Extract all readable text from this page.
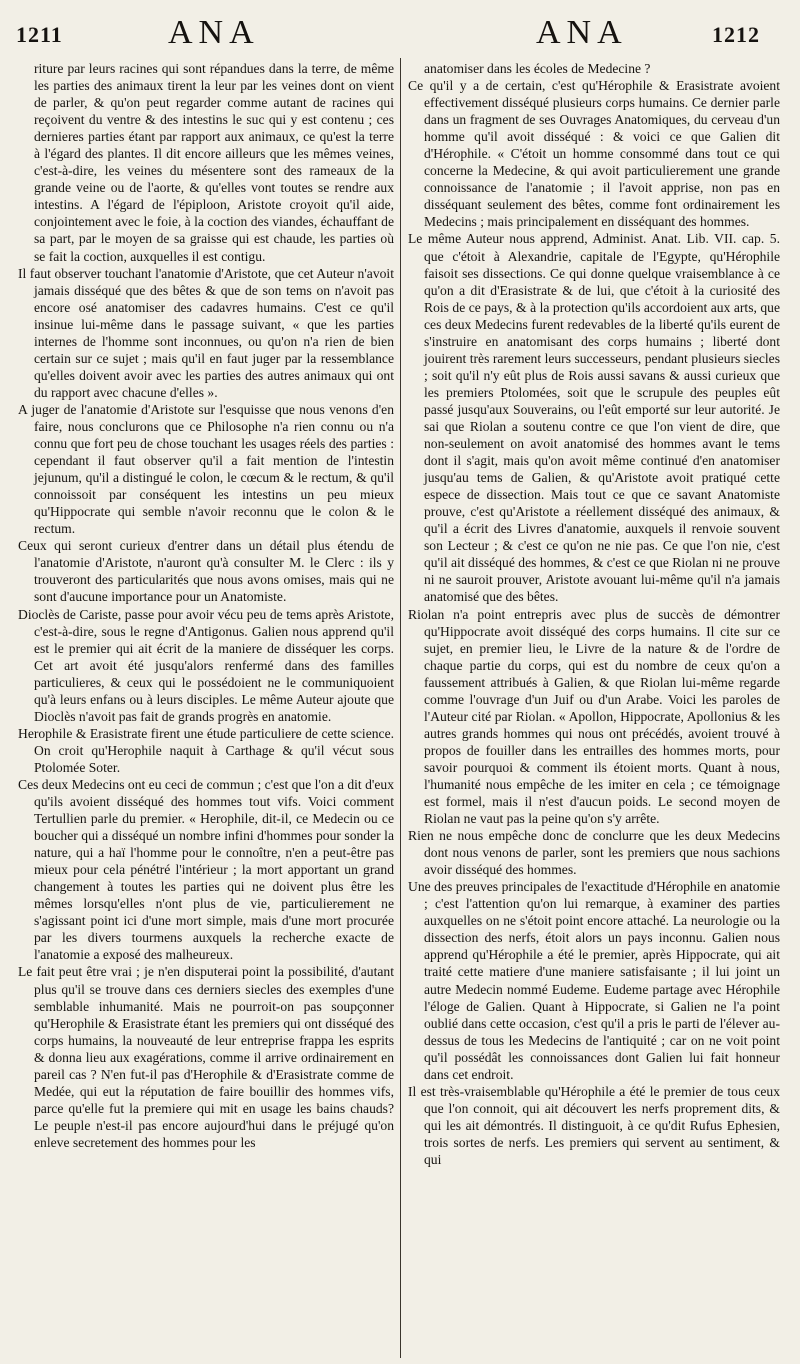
1211	ANA	ANA	1212

riture par leurs racines qui sont répandues dans la terre, de même les parties des animaux tirent la leur par les veines dont on vient de parler, & qu'on peut regarder comme autant de racines qui reçoivent du ventre & des intestins le suc qui y est contenu ; ces dernieres parties étant par rapport aux animaux, ce qu'est la terre à l'égard des plantes. Il dit encore ailleurs que les mêmes veines, c'est-à-dire, les veines du mésentere sont des rameaux de la grande veine ou de l'aorte, & qu'elles vont toutes se rendre aux intestins. A l'égard de l'épiploon, Aristote croyoit qu'il aide, conjointement avec le foie, à la coction des viandes, échauffant de sa part, par le moyen de sa graisse qui est chaude, les parties où se fait la coction, auxquelles il est contigu.

Il faut observer touchant l'anatomie d'Aristote, que cet Auteur n'avoit jamais disséqué que des bêtes & que de son tems on n'avoit pas encore osé anatomiser des cadavres humains. C'est ce qu'il insinue lui-même dans le passage suivant, « que les parties internes de l'homme sont inconnues, ou qu'on n'a rien de bien certain sur ce sujet ; mais qu'il en faut juger par la ressemblance qu'elles doivent avoir avec les parties des autres animaux qui ont du rapport avec chacune d'elles ».

A juger de l'anatomie d'Aristote sur l'esquisse que nous venons d'en faire, nous conclurons que ce Philosophe n'a rien connu ou n'a connu que fort peu de chose touchant les usages réels des parties : cependant il faut observer qu'il a fait mention de l'intestin jejunum, qu'il a distingué le colon, le cœcum & le rectum, & qu'il connoissoit par conséquent les intestins un peu mieux qu'Hippocrate qui semble n'avoir reconnu que le colon & le rectum.

Ceux qui seront curieux d'entrer dans un détail plus étendu de l'anatomie d'Aristote, n'auront qu'à consulter M. le Clerc : ils y trouveront des particularités que nous avons omises, mais qui ne sont d'aucune importance pour un Anatomiste.

Dioclès de Cariste, passe pour avoir vécu peu de tems après Aristote, c'est-à-dire, sous le regne d'Antigonus. Galien nous apprend qu'il est le premier qui ait écrit de la maniere de disséquer les corps. Cet art avoit été jusqu'alors renfermé dans des familles particulieres, & ceux qui le possédoient ne le communiquoient qu'à leurs enfans ou à leurs disciples. Le même Auteur ajoute que Dioclès n'avoit pas fait de grands progrès en anatomie.

Herophile & Erasistrate firent une étude particuliere de cette science. On croit qu'Herophile naquit à Carthage & qu'il vécut sous Ptolomée Soter.

Ces deux Medecins ont eu ceci de commun ; c'est que l'on a dit d'eux qu'ils avoient disséqué des hommes tout vifs. Voici comment Tertullien parle du premier. « Herophile, dit-il, ce Medecin ou ce boucher qui a disséqué un nombre infini d'hommes pour sonder la nature, qui a haï l'homme pour le connoître, n'en a peut-être pas mieux pour cela pénétré l'intérieur ; la mort apportant un grand changement à toutes les parties qui ne doivent plus être les mêmes lorsqu'elles n'ont plus de vie, particulierement ne s'agissant point ici d'une mort simple, mais d'une mort procurée par les divers tourmens auxquels la recherche exacte de l'anatomie a exposé des malheureux.

Le fait peut être vrai ; je n'en disputerai point la possibilité, d'autant plus qu'il se trouve dans ces derniers siecles des exemples d'une semblable inhumanité. Mais ne pourroit-on pas soupçonner qu'Herophile & Erasistrate étant les premiers qui ont disséqué des corps humains, la nouveauté de leur entreprise frappa les esprits & donna lieu aux exagérations, comme il arrive ordinairement en pareil cas ? N'en fut-il pas d'Herophile & d'Erasistrate comme de Medée, qui eut la réputation de faire bouillir des hommes vifs, parce qu'elle fut la premiere qui mit en usage les bains chauds? Le peuple n'est-il pas encore aujourd'hui dans le préjugé qu'on enleve secretement des hommes pour les

anatomiser dans les écoles de Medecine ?

Ce qu'il y a de certain, c'est qu'Hérophile & Erasistrate avoient effectivement disséqué plusieurs corps humains. Ce dernier parle dans un fragment de ses Ouvrages Anatomiques, du cerveau d'un homme qu'il avoit disséqué : & voici ce que Galien dit d'Hérophile. « C'étoit un homme consommé dans tout ce qui concerne la Medecine, & qui avoit particulierement une grande connoissance de l'anatomie ; il l'avoit apprise, non pas en disséquant seulement des bêtes, comme font ordinairement les Medecins ; mais principalement en disséquant des hommes.

Le même Auteur nous apprend, Administ. Anat. Lib. VII. cap. 5. que c'étoit à Alexandrie, capitale de l'Egypte, qu'Hérophile faisoit ses dissections. Ce qui donne quelque vraisemblance à ce qu'on a dit d'Erasistrate & de lui, que c'étoit à la curiosité des Rois de ce pays, & à la protection qu'ils accordoient aux arts, que ces deux Medecins furent redevables de la liberté qu'ils eurent de s'instruire en anatomisant des corps humains ; liberté dont jouirent très rarement leurs successeurs, pendant plusieurs siecles ; soit qu'il n'y eût plus de Rois aussi savans & aussi curieux que les premiers Ptolomées, soit que le scrupule des peuples eût passé jusqu'aux Souverains, ou l'eût emporté sur leur autorité. Je sai que Riolan a soutenu contre ce que l'on vient de dire, que non-seulement on avoit anatomisé des hommes avant le tems dont il s'agit, mais qu'on avoit même continué d'en anatomiser jusqu'au tems de Galien, & qu'Aristote avoit pratiqué cette espece de dissection. Mais tout ce que ce savant Anatomiste prouve, c'est qu'Aristote a réellement disséqué des animaux, & qu'il a écrit des Livres d'anatomie, auxquels il renvoie souvent son Lecteur ; & c'est ce qu'on ne nie pas. Ce que l'on nie, c'est qu'il ait disséqué des hommes, & c'est ce que Riolan ni ne prouve ni ne sauroit prouver, Aristote avouant lui-même qu'il n'a jamais anatomisé que des bêtes.

Riolan n'a point entrepris avec plus de succès de démontrer qu'Hippocrate avoit disséqué des corps humains. Il cite sur ce sujet, en premier lieu, le Livre de la nature & de l'ordre de chaque partie du corps, qui est du nombre de ceux qu'on a faussement attribués à Galien, & que Riolan lui-même regarde comme l'ouvrage d'un Juif ou d'un Arabe. Voici les paroles de l'Auteur cité par Riolan. « Apollon, Hippocrate, Apollonius & les autres grands hommes qui nous ont précédés, avoient trouvé à propos de fouiller dans les entrailles des hommes morts, pour savoir pourquoi & comment ils étoient morts. Quant à nous, l'humanité nous empêche de les imiter en cela ; ce témoignage est formel, mais il n'est d'aucun poids. Le second moyen de Riolan ne vaut pas la peine qu'on s'y arrête.

Rien ne nous empêche donc de conclurre que les deux Medecins dont nous venons de parler, sont les premiers que nous sachions avoir disséqué des hommes.

Une des preuves principales de l'exactitude d'Hérophile en anatomie ; c'est l'attention qu'on lui remarque, à examiner des parties auxquelles on ne s'étoit point encore attaché. La neurologie ou la dissection des nerfs, étoit alors un pays inconnu. Galien nous apprend qu'Hérophile a été le premier, après Hippocrate, qui ait traité cette matiere d'une maniere satisfaisante ; il lui joint un autre Medecin nommé Eudeme. Eudeme partage avec Hérophile l'éloge de Galien. Quant à Hippocrate, si Galien ne l'a point oublié dans cette occasion, c'est qu'il a pris le parti de l'élever au-dessus de tous les Medecins de l'antiquité ; car on ne voit point qu'il possédât les connoissances dont Galien lui fait honneur dans cet endroit.

Il est très-vraisemblable qu'Hérophile a été le premier de tous ceux que l'on connoit, qui ait découvert les nerfs proprement dits, & qui les ait démontrés. Il distinguoit, à ce qu'dit Rufus Ephesien, trois sortes de nerfs. Les premiers qui servent au sentiment, & qui
